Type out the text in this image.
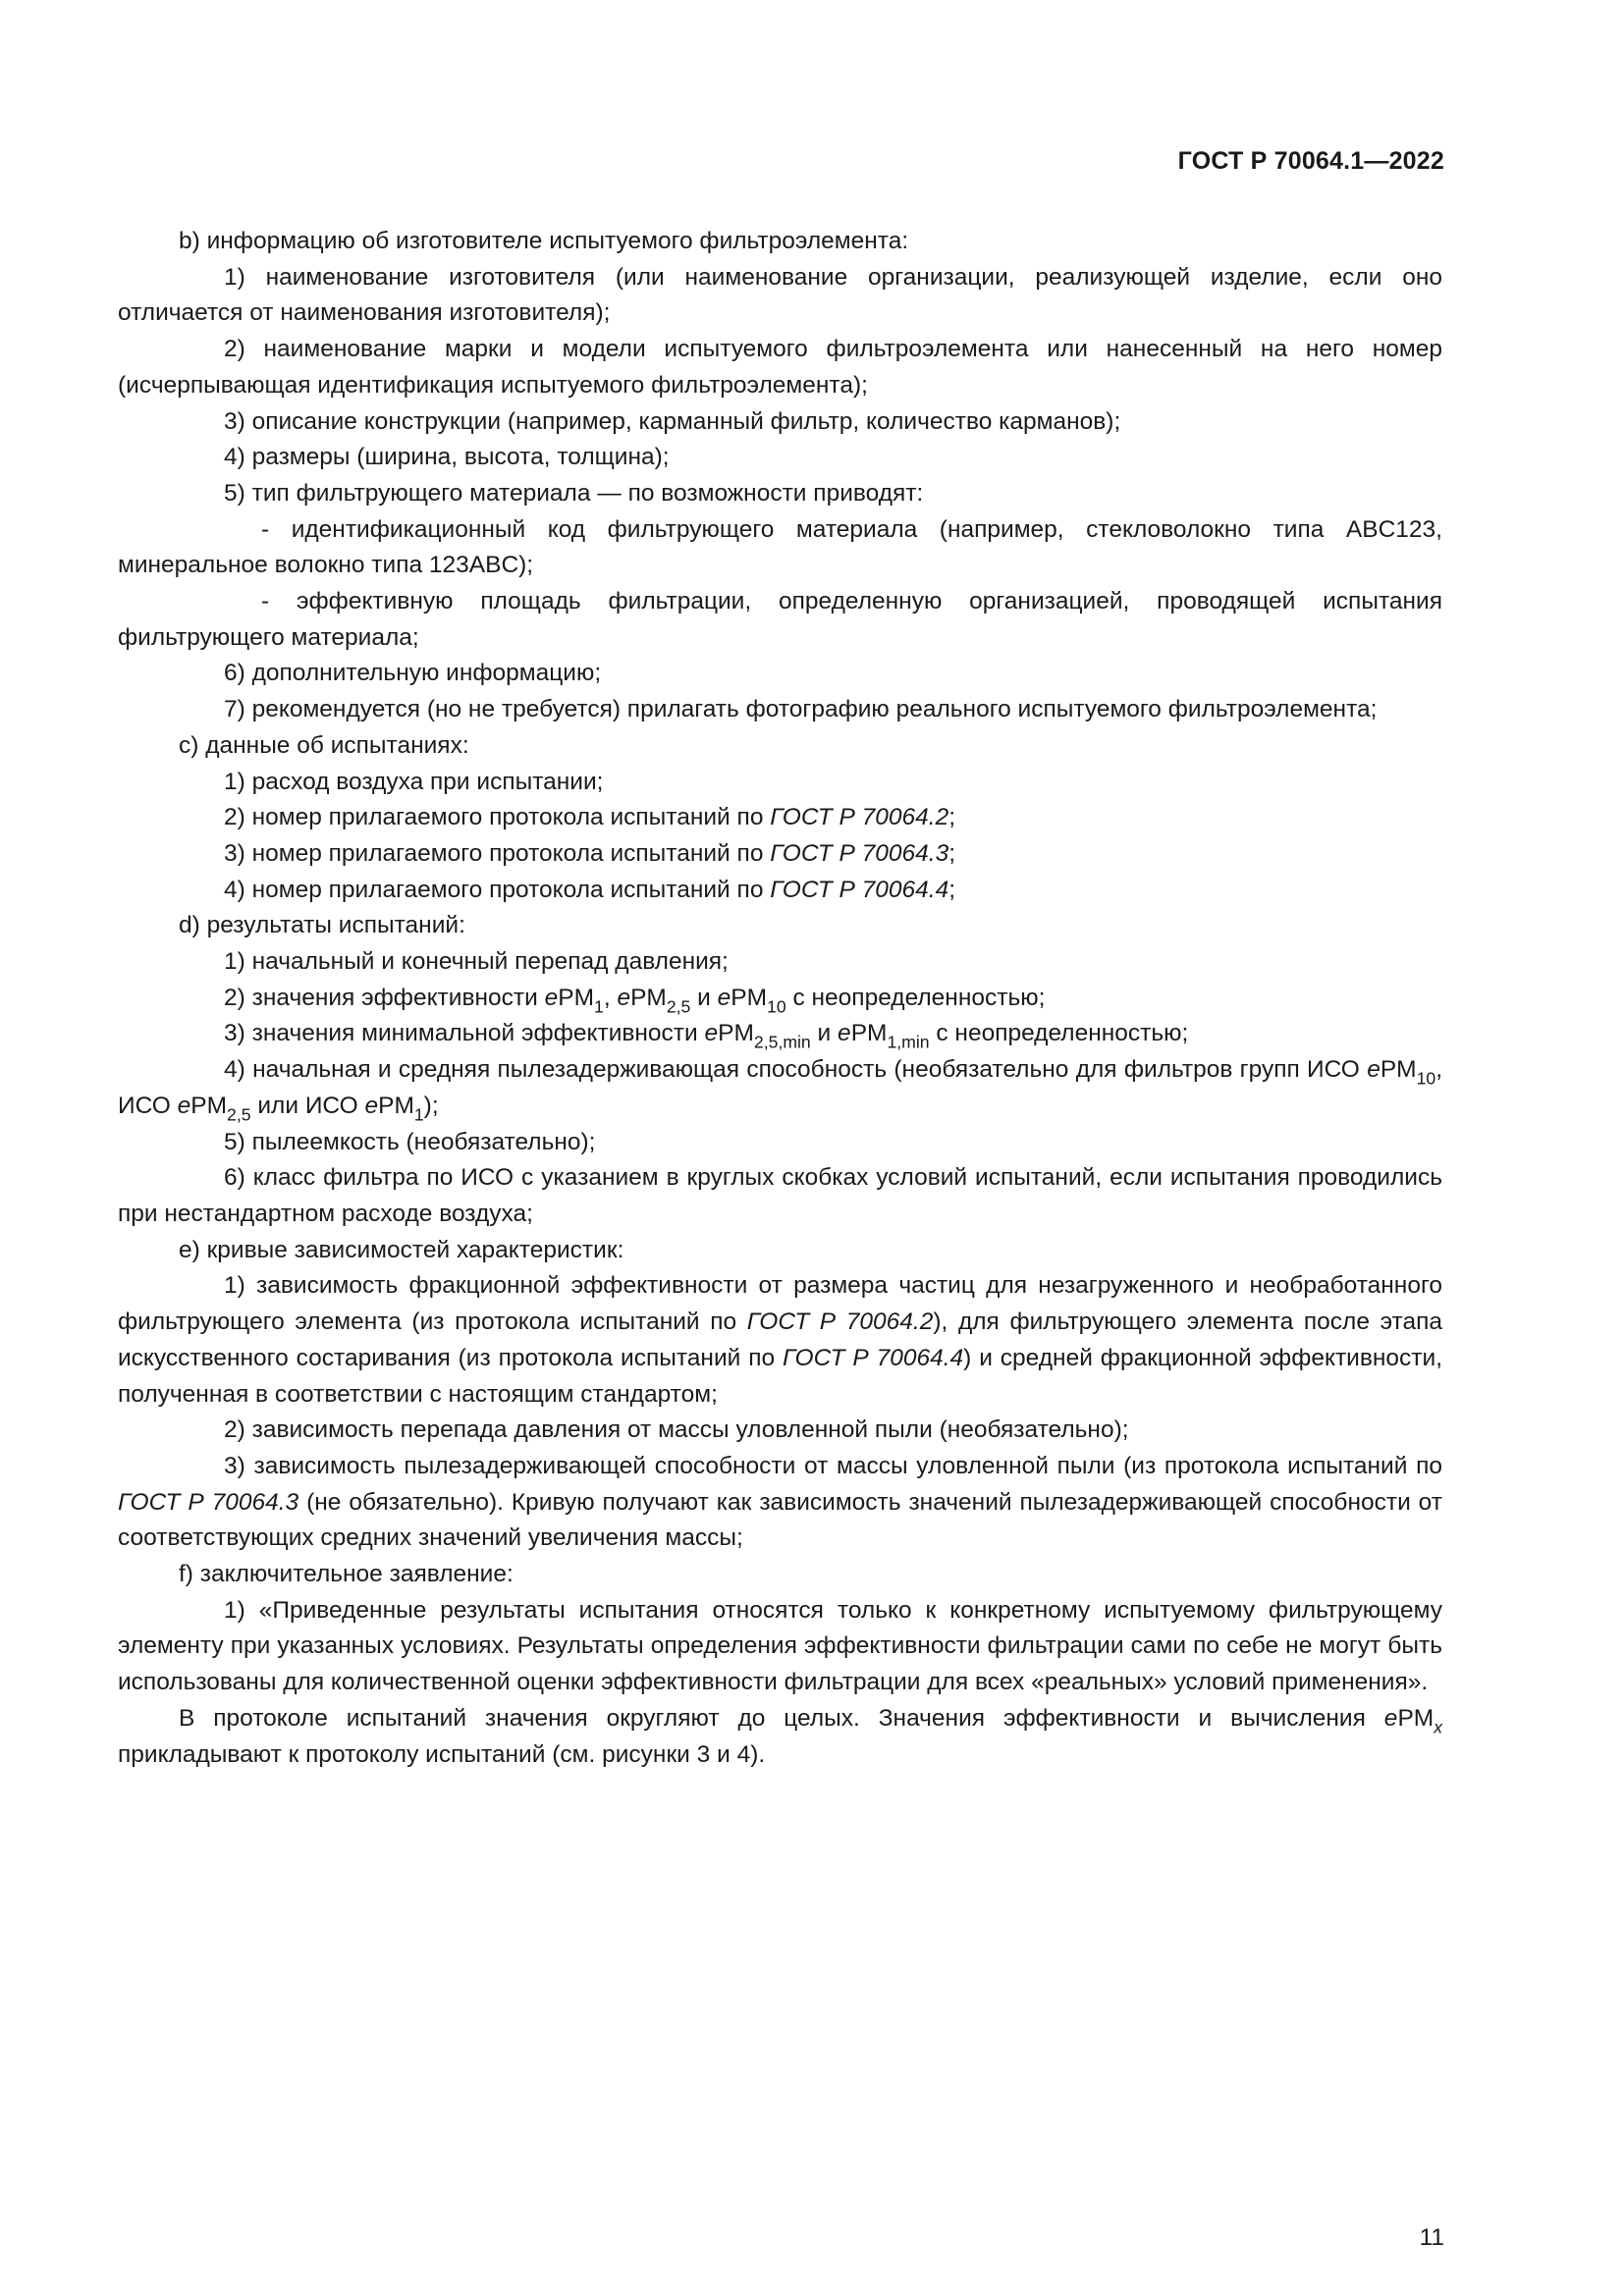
ГОСТ Р 70064.1—2022

b) информацию об изготовителе испытуемого фильтроэлемента:

1) наименование изготовителя (или наименование организации, реализующей изделие, если оно отличается от наименования изготовителя);

2) наименование марки и модели испытуемого фильтроэлемента или нанесенный на него номер (исчерпывающая идентификация испытуемого фильтроэлемента);

3) описание конструкции (например, карманный фильтр, количество карманов);

4) размеры (ширина, высота, толщина);

5) тип фильтрующего материала — по возможности приводят:

- идентификационный код фильтрующего материала (например, стекловолокно типа ABC123, минеральное волокно типа 123ABC);

- эффективную площадь фильтрации, определенную организацией, проводящей испытания фильтрующего материала;

6) дополнительную информацию;

7) рекомендуется (но не требуется) прилагать фотографию реального испытуемого фильтроэлемента;

c) данные об испытаниях:

1) расход воздуха при испытании;

2) номер прилагаемого протокола испытаний по ГОСТ Р 70064.2;

3) номер прилагаемого протокола испытаний по ГОСТ Р 70064.3;

4) номер прилагаемого протокола испытаний по ГОСТ Р 70064.4;

d) результаты испытаний:

1) начальный и конечный перепад давления;

2) значения эффективности ePM$_1$, ePM$_{2,5}$ и ePM$_{10}$ с неопределенностью;

3) значения минимальной эффективности ePM$_{2,5,min}$ и ePM$_{1,min}$ с неопределенностью;

4) начальная и средняя пылезадерживающая способность (необязательно для фильтров групп ИСО ePM$_{10}$, ИСО ePM$_{2,5}$ или ИСО ePM$_1$);

5) пылеемкость (необязательно);

6) класс фильтра по ИСО с указанием в круглых скобках условий испытаний, если испытания проводились при нестандартном расходе воздуха;

e) кривые зависимостей характеристик:

1) зависимость фракционной эффективности от размера частиц для незагруженного и необработанного фильтрующего элемента (из протокола испытаний по ГОСТ Р 70064.2), для фильтрующего элемента после этапа искусственного состаривания (из протокола испытаний по ГОСТ Р 70064.4) и средней фракционной эффективности, полученная в соответствии с настоящим стандартом;

2) зависимость перепада давления от массы уловленной пыли (необязательно);

3) зависимость пылезадерживающей способности от массы уловленной пыли (из протокола испытаний по ГОСТ Р 70064.3 (не обязательно). Кривую получают как зависимость значений пылезадерживающей способности от соответствующих средних значений увеличения массы;

f) заключительное заявление:

1) «Приведенные результаты испытания относятся только к конкретному испытуемому фильтрующему элементу при указанных условиях. Результаты определения эффективности фильтрации сами по себе не могут быть использованы для количественной оценки эффективности фильтрации для всех «реальных» условий применения».

В протоколе испытаний значения округляют до целых. Значения эффективности и вычисления ePM$_x$ прикладывают к протоколу испытаний (см. рисунки 3 и 4).

11
